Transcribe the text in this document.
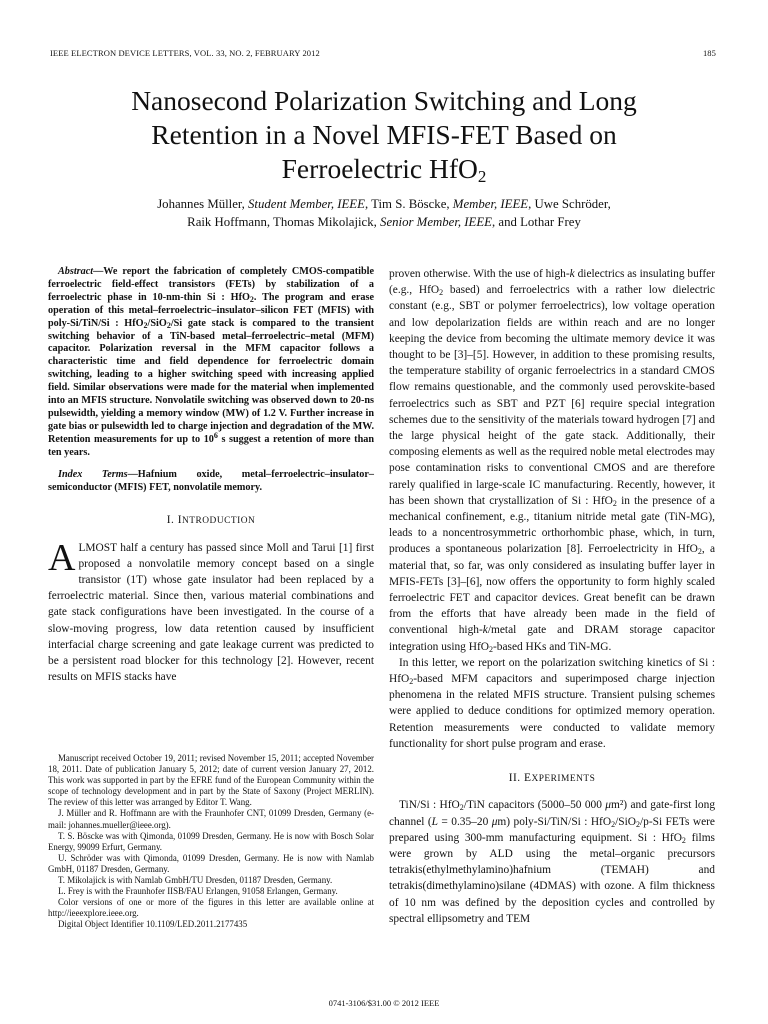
IEEE ELECTRON DEVICE LETTERS, VOL. 33, NO. 2, FEBRUARY 2012	185
Nanosecond Polarization Switching and Long
Retention in a Novel MFIS-FET Based on
Ferroelectric HfO$_2$
Johannes Müller, Student Member, IEEE, Tim S. Böscke, Member, IEEE, Uwe Schröder,
Raik Hoffmann, Thomas Mikolajick, Senior Member, IEEE, and Lothar Frey

Abstract—We report the fabrication of completely CMOS-compatible ferroelectric field-effect transistors (FETs) by stabilization of a ferroelectric phase in 10-nm-thin Si : HfO$_2$. The program and erase operation of this metal–ferroelectric–insulator–silicon FET (MFIS) with poly-Si/TiN/Si : HfO$_2$/SiO$_2$/Si gate stack is compared to the transient switching behavior of a TiN-based metal–ferroelectric–metal (MFM) capacitor. Polarization reversal in the MFM capacitor follows a characteristic time and field dependence for ferroelectric domain switching, leading to a higher switching speed with increasing applied field. Similar observations were made for the material when implemented into an MFIS structure. Nonvolatile switching was observed down to 20-ns pulsewidth, yielding a memory window (MW) of 1.2 V. Further increase in gate bias or pulsewidth led to charge injection and degradation of the MW. Retention measurements for up to $10^6$ s suggest a retention of more than ten years.

Index Terms—Hafnium oxide, metal–ferroelectric–insulator–semiconductor (MFIS) FET, nonvolatile memory.

I. INTRODUCTION

ALMOST half a century has passed since Moll and Tarui [1] first proposed a nonvolatile memory concept based on a single transistor (1T) whose gate insulator had been replaced by a ferroelectric material. Since then, various material combinations and gate stack configurations have been investigated. In the course of a slow-moving progress, low data retention caused by insufficient interfacial charge screening and gate leakage current was predicted to be a persistent road blocker for this technology [2]. However, recent results on MFIS stacks have

Manuscript received October 19, 2011; revised November 15, 2011; accepted November 18, 2011. Date of publication January 5, 2012; date of current version January 27, 2012. This work was supported in part by the EFRE fund of the European Community within the scope of technology development and in part by the State of Saxony (Project MERLIN). The review of this letter was arranged by Editor T. Wang.

J. Müller and R. Hoffmann are with the Fraunhofer CNT, 01099 Dresden, Germany (e-mail: johannes.mueller@ieee.org).

T. S. Böscke was with Qimonda, 01099 Dresden, Germany. He is now with Bosch Solar Energy, 99099 Erfurt, Germany.

U. Schröder was with Qimonda, 01099 Dresden, Germany. He is now with Namlab GmbH, 01187 Dresden, Germany.

T. Mikolajick is with Namlab GmbH/TU Dresden, 01187 Dresden, Germany.

L. Frey is with the Fraunhofer IISB/FAU Erlangen, 91058 Erlangen, Germany.

Color versions of one or more of the figures in this letter are available online at http://ieeexplore.ieee.org.

Digital Object Identifier 10.1109/LED.2011.2177435

proven otherwise. With the use of high-k dielectrics as insulating buffer (e.g., HfO$_2$ based) and ferroelectrics with a rather low dielectric constant (e.g., SBT or polymer ferroelectrics), low voltage operation and low depolarization fields are within reach and are no longer keeping the device from becoming the ultimate memory device it was thought to be [3]–[5]. However, in addition to these promising results, the temperature stability of organic ferroelectrics in a standard CMOS flow remains questionable, and the commonly used perovskite-based ferroelectrics such as SBT and PZT [6] require special integration schemes due to the sensitivity of the materials toward hydrogen [7] and the large physical height of the gate stack. Additionally, their composing elements as well as the required noble metal electrodes may pose contamination risks to conventional CMOS and are therefore rarely qualified in large-scale IC manufacturing. Recently, however, it has been shown that crystallization of Si : HfO$_2$ in the presence of a mechanical confinement, e.g., titanium nitride metal gate (TiN-MG), leads to a noncentrosymmetric orthorhombic phase, which, in turn, produces a spontaneous polarization [8]. Ferroelectricity in HfO$_2$, a material that, so far, was only considered as insulating buffer layer in MFIS-FETs [3]–[6], now offers the opportunity to form highly scaled ferroelectric FET and capacitor devices. Great benefit can be drawn from the efforts that have already been made in the field of conventional high-k/metal gate and DRAM storage capacitor integration using HfO$_2$-based HKs and TiN-MG.

In this letter, we report on the polarization switching kinetics of Si : HfO$_2$-based MFM capacitors and superimposed charge injection phenomena in the related MFIS structure. Transient pulsing schemes were applied to deduce conditions for optimized memory operation. Retention measurements were conducted to validate memory functionality for short pulse program and erase.

II. EXPERIMENTS

TiN/Si : HfO$_2$/TiN capacitors (5000–50 000 μm²) and gate-first long channel (L = 0.35–20 μm) poly-Si/TiN/Si : HfO$_2$/SiO$_2$/p-Si FETs were prepared using 300-mm manufacturing equipment. Si : HfO$_2$ films were grown by ALD using the metal–organic precursors tetrakis(ethylmethylamino)hafnium (TEMAH) and tetrakis(dimethylamino)silane (4DMAS) with ozone. A film thickness of 10 nm was defined by the deposition cycles and controlled by spectral ellipsometry and TEM

0741-3106/$31.00 © 2012 IEEE
